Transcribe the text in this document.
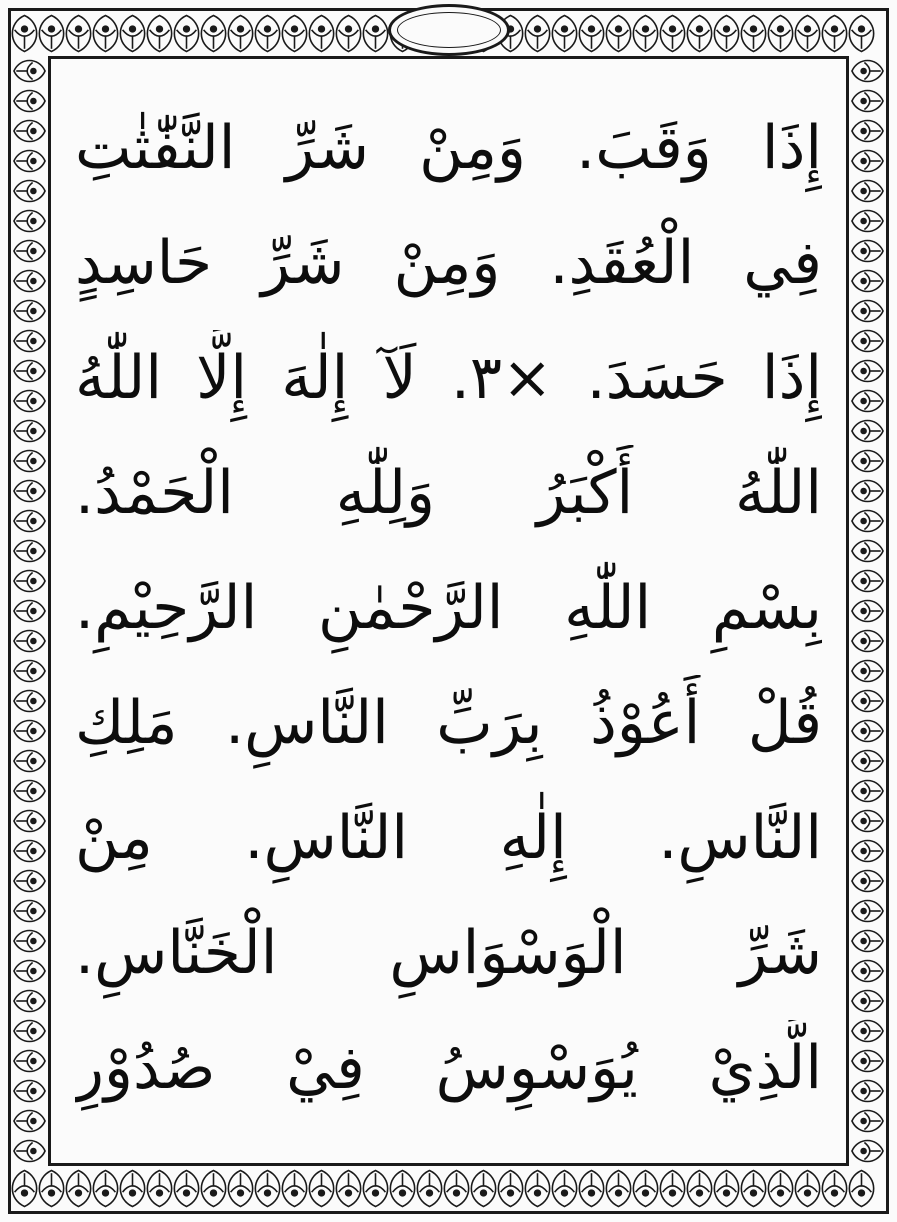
إِذَا وَقَبَ. وَمِنْ شَرِّ النَّفّٰثٰتِ
فِي الْعُقَدِ. وَمِنْ شَرِّ حَاسِدٍ
إِذَا حَسَدَ. ×٣. لَآ إِلٰهَ إِلَّا اللّٰهُ
اللّٰهُ أَكْبَرُ وَلِلّٰهِ الْحَمْدُ.
بِسْمِ اللّٰهِ الرَّحْمٰنِ الرَّحِيْمِ.
قُلْ أَعُوْذُ بِرَبِّ النَّاسِ. مَلِكِ
النَّاسِ. إِلٰهِ النَّاسِ. مِنْ
شَرِّ الْوَسْوَاسِ الْخَنَّاسِ.
الَّذِيْ يُوَسْوِسُ فِيْ صُدُوْرِ
